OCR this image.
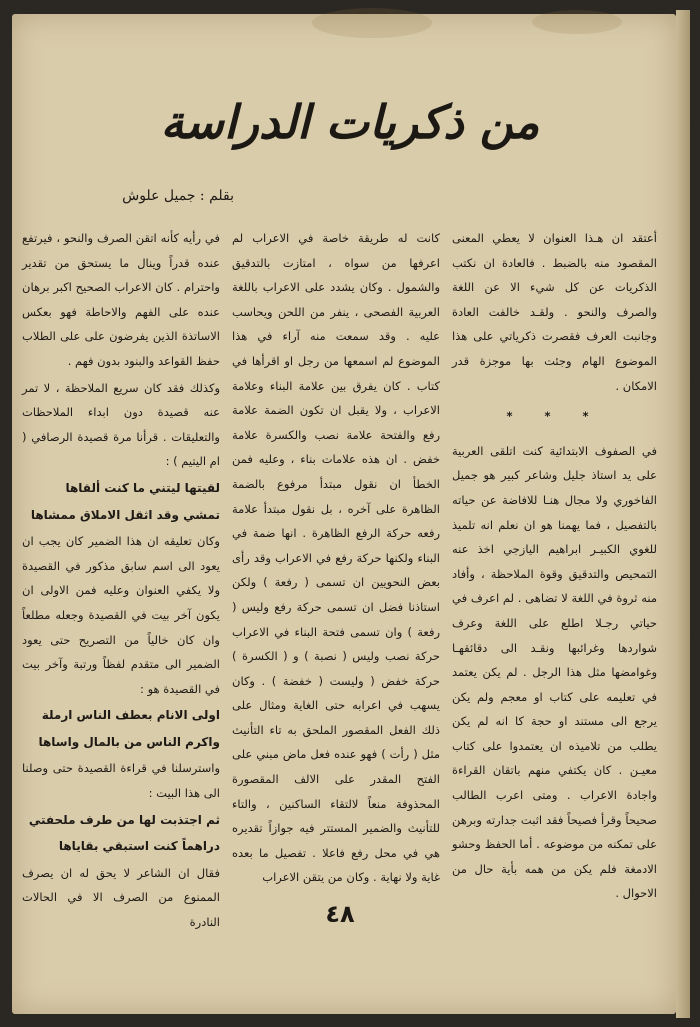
من ذكريات الدراسة
بقلم : جميل علوش

أعتقد ان هـذا العنوان لا يعطي المعنى المقصود منه بالضبط . فالعادة ان نكتب الذكريات عن كل شيء الا عن اللغة والصرف والنحو . ولقـد خالفت العادة وجانبت العرف فقصرت ذكرياتي على هذا الموضوع الهام وجئت بها موجزة قدر الامكان .

* * *

في الصفوف الابتدائية كنت اتلقى العربية على يد استاذ جليل وشاعر كبير هو جميل الفاخوري ولا مجال هنـا للافاضة عن حياته بالتفصيل ، فما يهمنا هو ان نعلم انه تلميذ للغوي الكبيـر ابراهيم اليازجي اخذ عنه التمحيص والتدقيق وقوة الملاحظة ، وأفاد منه ثروة في اللغة لا تضاهى . لم اعرف في حياتي رجـلا اطلع على اللغة وعرف شواردها وغرائبها ونقـد الى دقائقهـا وغوامضها مثل هذا الرجل . لم يكن يعتمد في تعليمه على كتاب او معجم ولم يكن يرجع الى مستند او حجة كا انه لم يكن يطلب من تلاميذه ان يعتمدوا على كتاب معيـن . كان يكتفي منهم باتقان القراءة واجادة الاعراب . ومتى اعرب الطالب صحيحاً وقرأ فصيحاً فقد اثبت جدارته وبرهن على تمكنه من موضوعه . أما الحفظ وحشو الادمغة فلم يكن من همه بأية حال من الاحوال .

كانت له طريقة خاصة في الاعراب لم اعرفها من سواه ، امتازت بالتدقيق والشمول . وكان يشدد على الاعراب باللغة العربية الفصحى ، ينفر من اللحن ويحاسب عليه . وقد سمعت منه آراء في هذا الموضوع لم اسمعها من رجل او اقرأها في كتاب . كان يفرق بين علامة البناء وعلامة الاعراب ، ولا يقبل ان تكون الضمة علامة رفع والفتحة علامة نصب والكسرة علامة خفض . ان هذه علامات بناء ، وعليه فمن الخطأ ان نقول مبتدأ مرفوع بالضمة الظاهرة على آخره ، بل نقول مبتدأ علامة رفعه حركة الرفع الظاهرة . انها ضمة في البناء ولكنها حركة رفع في الاعراب وقد رأى بعض النحويين ان تسمى ( رفعة ) ولكن استاذنا فضل ان تسمى حركة رفع وليس ( رفعة ) وان تسمى فتحة البناء في الاعراب حركة نصب وليس ( نصبة ) و ( الكسرة ) حركة خفض ( وليست ( خفضة ) . وكان يسهب في اعرابه حتى الغاية ومثال على ذلك الفعل المقصور الملحق به تاء التأنيث مثل ( رأت ) فهو عنده فعل ماض مبني على الفتح المقدر على الالف المقصورة المحذوفة منعاً لالتقاء الساكنين ، والتاء للتأنيث والضمير المستتر فيه جوازاً تقديره هي في محل رفع فاعلا . تفصيل ما بعده غاية ولا نهاية . وكان من يتقن الاعراب

في رأيه كأنه اتقن الصرف والنحو ، فيرتفع عنده قدراً وينال ما يستحق من تقدير واحترام . كان الاعراب الصحيح اكبر برهان عنده على الفهم والاحاطة فهو بعكس الاساتذة الذين يفرضون على على الطلاب حفظ القواعد والبنود بدون فهم .

وكذلك فقد كان سريع الملاحظة ، لا تمر عنه قصيدة دون ابداء الملاحظات والتعليقات . قرأنا مرة قصيدة الرصافي ( ام اليتيم ) :

لقيتها ليتني ما كنت ألقاها

تمشي وقد اثقل الاملاق ممشاها

وكان تعليقه ان هذا الضمير كان يجب ان يعود الى اسم سابق مذكور في القصيدة ولا يكفي العنوان وعليه فمن الاولى ان يكون آخر بيت في القصيدة وجعله مطلعاً وان كان خالياً من التصريح حتى يعود الضمير الى متقدم لفظاً ورتبة وآخر بيت في القصيدة هو :

اولى الانام بعطف الناس ارملة

واكرم الناس من بالمال واساها

واسترسلنا في قراءة القصيدة حتى وصلنا الى هذا البيت :

ثم اجتذبت لها من طرف ملحفتي

دراهماً كنت استبقي بقاياها

فقال ان الشاعر لا يحق له ان يصرف الممنوع من الصرف الا في الحالات النادرة	٤٨
